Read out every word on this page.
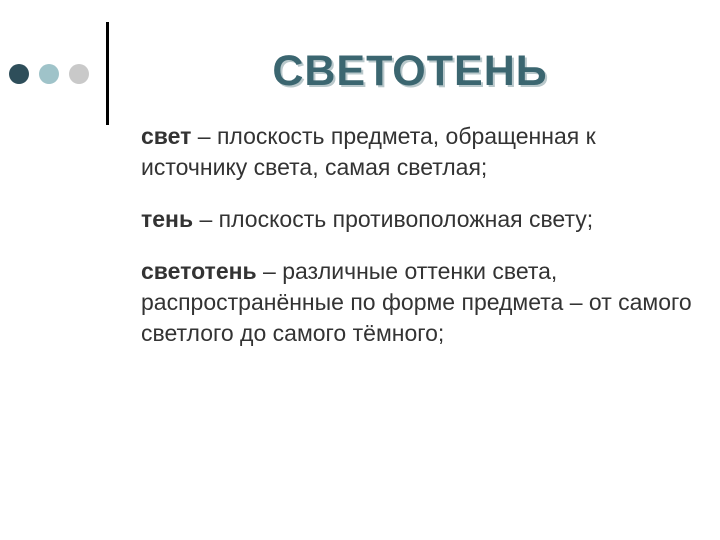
СВЕТОТЕНЬ

свет – плоскость предмета, обращенная к источнику света, самая светлая;

тень – плоскость противоположная свету;

светотень – различные оттенки света, распространённые по форме предмета – от самого светлого до самого тёмного;
